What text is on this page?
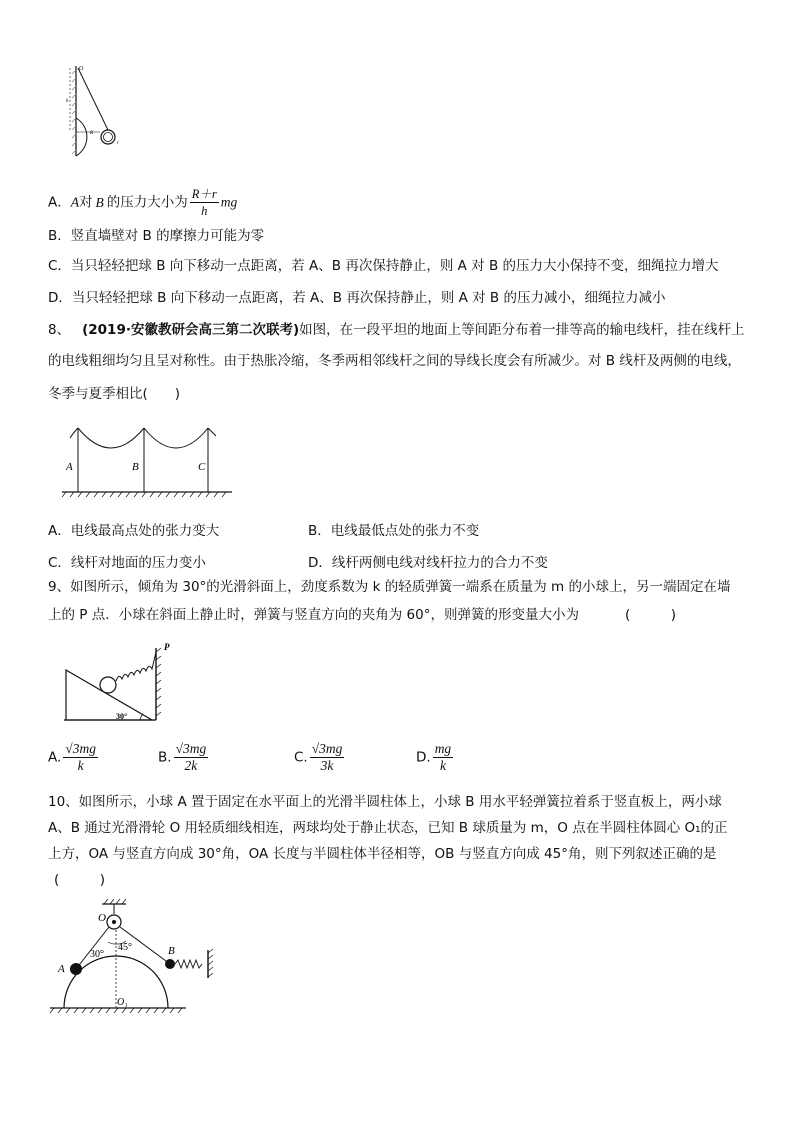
O
h
R
r
A．A对 B 的压力大小为 $\frac{R+r}{h}$ mg
B．竖直墙壁对 B 的摩擦力可能为零
C．当只轻轻把球 B 向下移动一点距离，若 A、B 再次保持静止，则 A 对 B 的压力大小保持不变，细绳拉力增大
D．当只轻轻把球 B 向下移动一点距离，若 A、B 再次保持静止，则 A 对 B 的压力减小，细绳拉力减小
8、 (2019·安徽教研会高三第二次联考)如图，在一段平坦的地面上等间距分布着一排等高的输电线杆，挂在线杆上
的电线粗细均匀且呈对称性。由于热胀冷缩，冬季两相邻线杆之间的导线长度会有所减少。对 B 线杆及两侧的电线，
冬季与夏季相比(　　)
A	B	C
A．电线最高点处的张力变大	B．电线最低点处的张力不变
C．线杆对地面的压力变小	D．线杆两侧电线对线杆拉力的合力不变
9、如图所示，倾角为 30°的光滑斜面上，劲度系数为 k 的轻质弹簧一端系在质量为 m 的小球上，另一端固定在墙
上的 P 点．小球在斜面上静止时，弹簧与竖直方向的夹角为 60°，则弹簧的形变量大小为	(　　　)
P
30°
A. $\frac{√3mg}{k}$	B. $\frac{√3mg}{2k}$	C. $\frac{√3mg}{3k}$	D. $\frac{mg}{k}$
10、如图所示，小球 A 置于固定在水平面上的光滑半圆柱体上，小球 B 用水平轻弹簧拉着系于竖直板上，两小球
A、B 通过光滑滑轮 O 用轻质细线相连，两球均处于静止状态，已知 B 球质量为 m，O 点在半圆柱体圆心 O₁的正
上方，OA 与竖直方向成 30°角，OA 长度与半圆柱体半径相等，OB 与竖直方向成 45°角，则下列叙述正确的是
(　　　)
O
A
B
O₁
30°
45°
